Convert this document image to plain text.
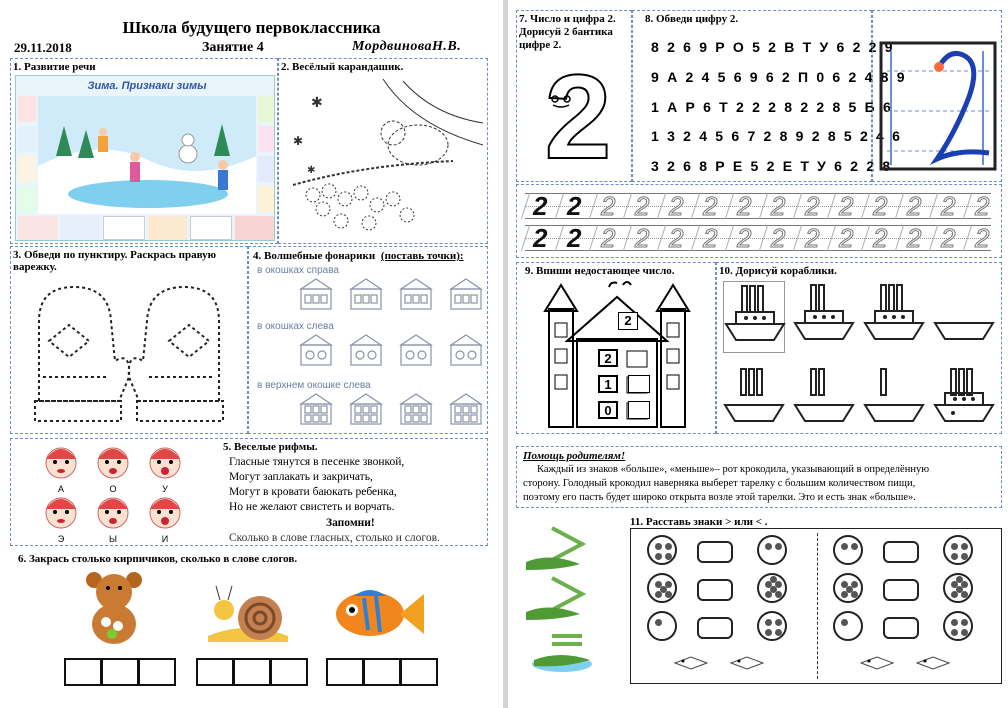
Школа будущего первоклассника
29.11.2018	Занятие 4	МордвиноваН.В.
1. Развитие речи
Зима. Признаки зимы
2. Весёлый карандашик.
✱
✱
✱
3. Обведи по пунктиру. Раскрась правую варежку.
4. Волшебные фонарики (поставь точки):
в окошках справа
в окошках слева
в верхнем окошке слева
А	О	У
Э	Ы	И
5. Веселые рифмы.
Гласные тянутся в песенке звонкой,
Могут заплакать и закричать,
Могут в кровати баюкать ребенка,
Но не желают свистеть и ворчать.
Запомни!
Сколько в слове гласных, столько и слогов.
6. Закрась столько кирпичиков, сколько в слове слогов.
7. Число и цифра 2.
Дорисуй 2 бантика
цифре 2.
2
8. Обведи цифру 2.
8 2 6 9 Р О 5 2 В Т У 6 2 2 9
9 А 2 4 5 6 9 6 2 П 0 6 2 4 8 9
1 А Р 6 Т 2 2 2 8 2 2 8 5 Б 6
1 3 2 4 5 6 7 2 8 9 2 8 5 2 4 6
3 2 6 8 Р Е 5 2 Е Т У 6 2 2 8
2 2 2 2 2 2 2 2 2 2 2 2 2 2
2 2 2 2 2 2 2 2 2 2 2 2 2 2
9. Впиши недостающее число.
2
2
1
0
10. Дорисуй кораблики.
Помощь родителям!
Каждый из знаков «больше», «меньше»– рот крокодила, указывающий в определённую
сторону. Голодный крокодил наверняка выберет тарелку с большим количеством пищи,
поэтому его пасть будет широко открыта возле этой тарелки. Это и есть знак «больше».
11. Расставь знаки > или < .
